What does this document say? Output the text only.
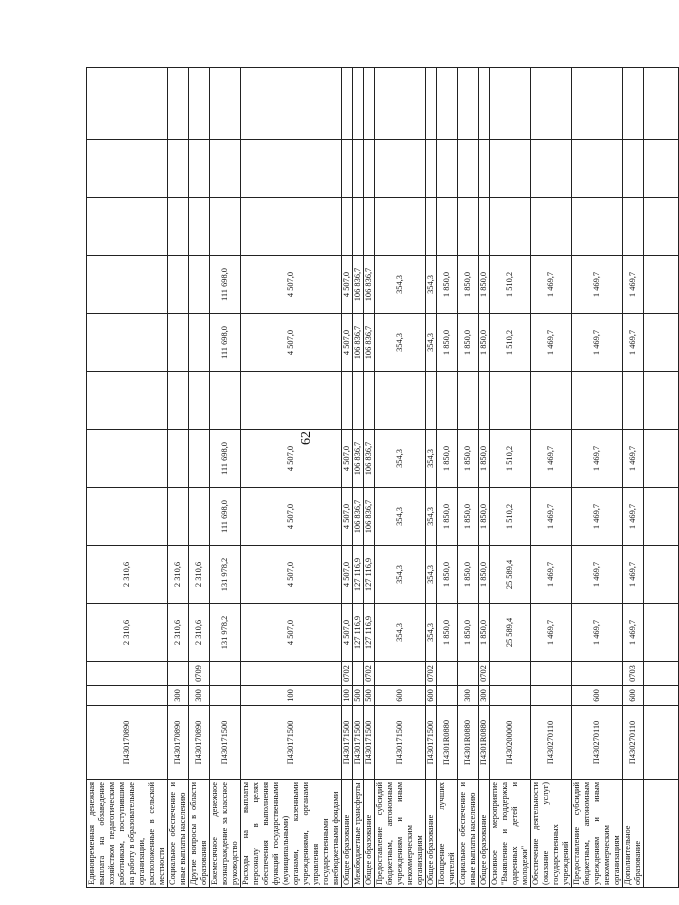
62
Единовременная денежная выплата на обзаведение хозяйством педагогическим работникам, поступившим на работу в образовательные организации, расположенные в сельской местности	П430170890			2 310,6	2 310,6								
Социальное обеспечение и иные выплаты населению	П430170890	300		2 310,6	2 310,6								
Другие вопросы в области образования	П430170890	300	0709	2 310,6	2 310,6								
Ежемесячное денежное вознаграждение за классное руководство	П430171500			131 978,2	131 978,2	111 698,0	111 698,0		111 698,0	111 698,0			
Расходы на выплаты персоналу в целях обеспечения выполнения функций государственными (муниципальными) органами, казенными учреждениями, органами управления государственными внебюджетными фондами	П430171500	100		4 507,0	4 507,0	4 507,0	4 507,0		4 507,0	4 507,0			
Общее образование	П430171500	100	0702	4 507,0	4 507,0	4 507,0	4 507,0		4 507,0	4 507,0			
Межбюджетные трансферты	П430171500	500		127 116,9	127 116,9	106 836,7	106 836,7		106 836,7	106 836,7			
Общее образование	П430171500	500	0702	127 116,9	127 116,9	106 836,7	106 836,7		106 836,7	106 836,7			
Предоставление субсидий бюджетным, автономным учреждениям и иным некоммерческим организациям	П430171500	600		354,3	354,3	354,3	354,3		354,3	354,3			
Общее образование	П430171500	600	0702	354,3	354,3	354,3	354,3		354,3	354,3			
Поощрение лучших учителей	П4301R0880			1 850,0	1 850,0	1 850,0	1 850,0		1 850,0	1 850,0			
Социальное обеспечение и иные выплаты населению	П4301R0880	300		1 850,0	1 850,0	1 850,0	1 850,0		1 850,0	1 850,0			
Общее образование	П4301R0880	300	0702	1 850,0	1 850,0	1 850,0	1 850,0		1 850,0	1 850,0			
Основное мероприятие "Выявление и поддержка одаренных детей и молодежи"	П430200000			25 589,4	25 589,4	1 510,2	1 510,2		1 510,2	1 510,2			
Обеспечение деятельности (оказание услуг) государственных учреждений	П430270110			1 469,7	1 469,7	1 469,7	1 469,7		1 469,7	1 469,7			
Предоставление субсидий бюджетным, автономным учреждениям и иным некоммерческим организациям	П430270110	600		1 469,7	1 469,7	1 469,7	1 469,7		1 469,7	1 469,7			
Дополнительное образование	П430270110	600	0703	1 469,7	1 469,7	1 469,7	1 469,7		1 469,7	1 469,7			
